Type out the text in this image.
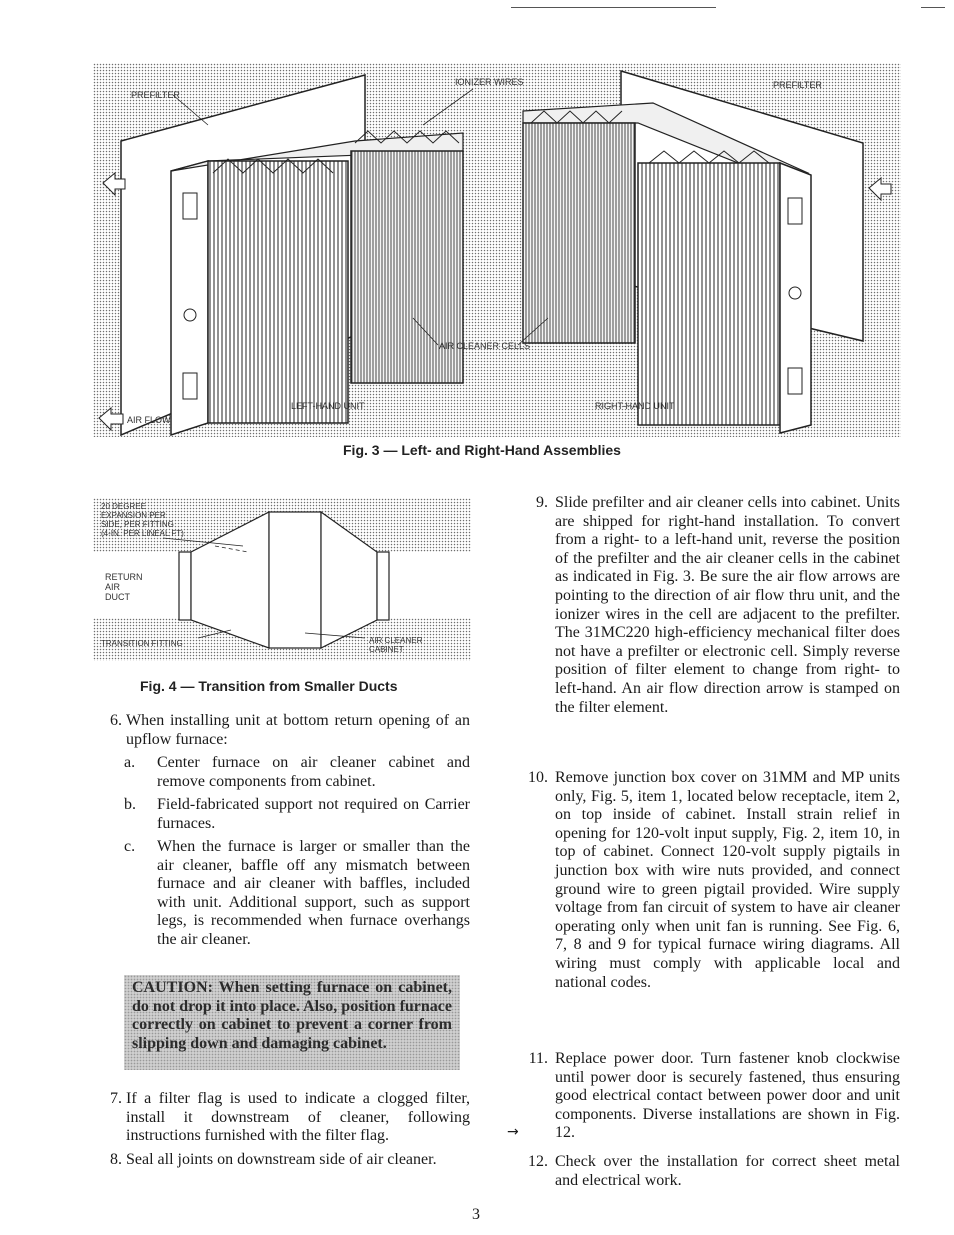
PREFILTER
IONIZER WIRES	PREFILTER
AIR CLEANER CELLS
LEFT-HAND UNIT	RIGHT-HAND UNIT
AIR FLOW
Fig. 3 — Left- and Right-Hand Assemblies
20 DEGREE
EXPANSION PER
SIDE, PER FITTING
(4-IN. PER LINEAL FT)
RETURN
AIR
DUCT
TRANSITION FITTING	AIR CLEANER
CABINET
Fig. 4 — Transition from Smaller Ducts
6. When installing unit at bottom return opening of an upflow furnace:
a.	Center furnace on air cleaner cabinet and remove components from cabinet.
b.	Field-fabricated support not required on Carrier furnaces.
c.	When the furnace is larger or smaller than the air cleaner, baffle off any mismatch between furnace and air cleaner with baffles, included with unit. Additional support, such as support legs, is recommended when furnace overhangs the air cleaner.
CAUTION: When setting furnace on cabinet, do not drop it into place. Also, position furnace correctly on cabinet to prevent a corner from slipping down and damaging cabinet.
7. If a filter flag is used to indicate a clogged filter, install it downstream of cleaner, following instructions furnished with the filter flag.
8. Seal all joints on downstream side of air cleaner.
9. Slide prefilter and air cleaner cells into cabinet. Units are shipped for right-hand installation. To convert from a right- to a left-hand unit, reverse the position of the prefilter and the air cleaner cells in the cabinet as indicated in Fig. 3. Be sure the air flow arrows are pointing to the direction of air flow thru unit, and the ionizer wires in the cell are adjacent to the prefilter. The 31MC220 high-efficiency mechanical filter does not have a prefilter or electronic cell. Simply reverse position of filter element to change from right- to left-hand. An air flow direction arrow is stamped on the filter element.
10. Remove junction box cover on 31MM and MP units only, Fig. 5, item 1, located below receptacle, item 2, on top inside of cabinet. Install strain relief in opening for 120-volt input supply, Fig. 2, item 10, in top of cabinet. Connect 120-volt supply pigtails in junction box with wire nuts provided, and connect ground wire to green pigtail provided. Wire supply voltage from fan circuit of system to have air cleaner operating only when unit fan is running. See Fig. 6, 7, 8 and 9 for typical furnace wiring diagrams. All wiring must comply with applicable local and national codes.
11. Replace power door. Turn fastener knob clockwise until power door is securely fastened, thus ensuring good electrical contact between power door and unit components. Diverse installations are shown in Fig. 12.
→
12. Check over the installation for correct sheet metal and electrical work.
3
